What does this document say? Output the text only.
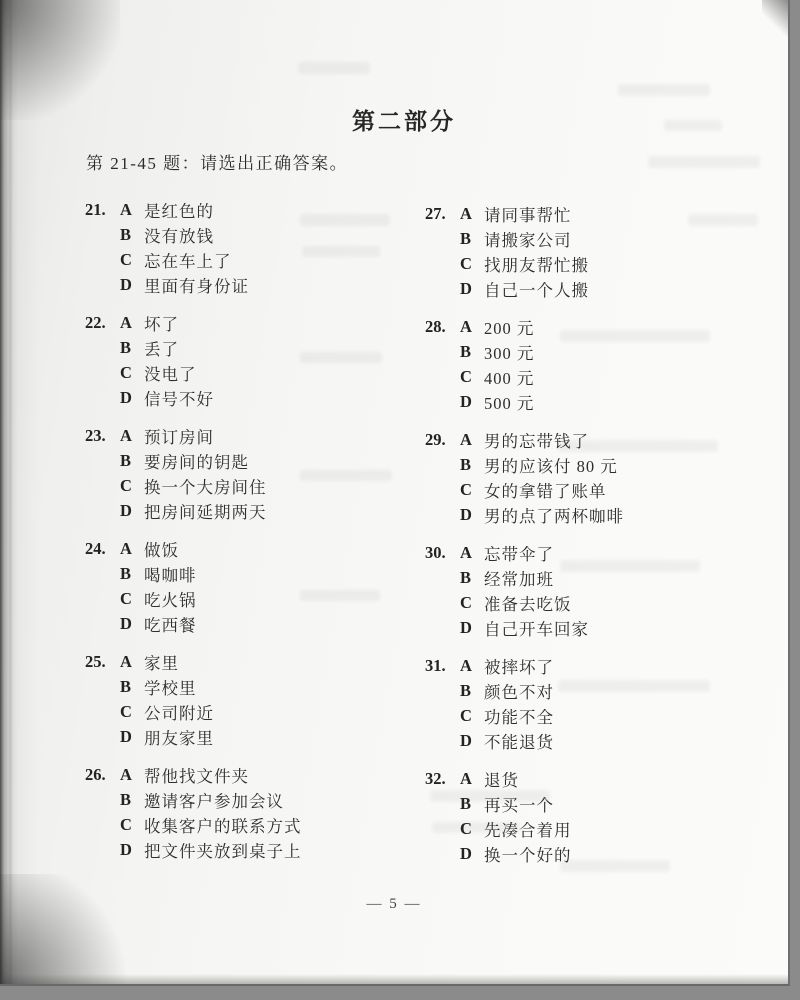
第二部分

第 21-45 题：请选出正确答案。

21. A 是红色的
B 没有放钱
C 忘在车上了
D 里面有身份证
22. A 坏了
B 丢了
C 没电了
D 信号不好
23. A 预订房间
B 要房间的钥匙
C 换一个大房间住
D 把房间延期两天
24. A 做饭
B 喝咖啡
C 吃火锅
D 吃西餐
25. A 家里
B 学校里
C 公司附近
D 朋友家里
26. A 帮他找文件夹
B 邀请客户参加会议
C 收集客户的联系方式
D 把文件夹放到桌子上
27. A 请同事帮忙
B 请搬家公司
C 找朋友帮忙搬
D 自己一个人搬
28. A 200 元
B 300 元
C 400 元
D 500 元
29. A 男的忘带钱了
B 男的应该付 80 元
C 女的拿错了账单
D 男的点了两杯咖啡
30. A 忘带伞了
B 经常加班
C 准备去吃饭
D 自己开车回家
31. A 被摔坏了
B 颜色不对
C 功能不全
D 不能退货
32. A 退货
B 再买一个
C 先凑合着用
D 换一个好的
— 5 —
